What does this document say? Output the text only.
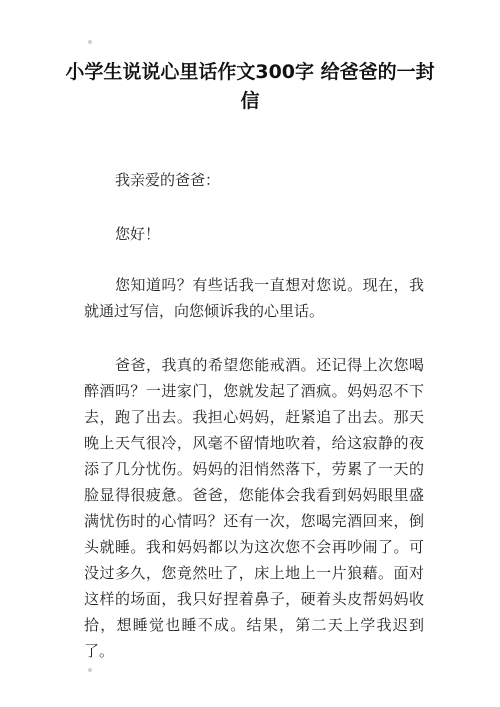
小学生说说心里话作文300字 给爸爸的一封信
我亲爱的爸爸：
您好！
您知道吗？有些话我一直想对您说。现在，我就通过写信，向您倾诉我的心里话。
爸爸，我真的希望您能戒酒。还记得上次您喝醉酒吗？一进家门，您就发起了酒疯。妈妈忍不下去，跑了出去。我担心妈妈，赶紧追了出去。那天晚上天气很冷，风毫不留情地吹着，给这寂静的夜添了几分忧伤。妈妈的泪悄然落下，劳累了一天的脸显得很疲惫。爸爸，您能体会我看到妈妈眼里盛满忧伤时的心情吗？还有一次，您喝完酒回来，倒头就睡。我和妈妈都以为这次您不会再吵闹了。可没过多久，您竟然吐了，床上地上一片狼藉。面对这样的场面，我只好捏着鼻子，硬着头皮帮妈妈收拾，想睡觉也睡不成。结果，第二天上学我迟到了。
